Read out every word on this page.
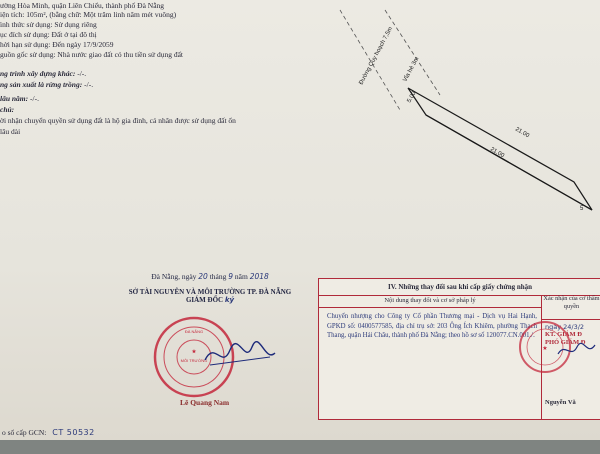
ường Hòa Minh, quận Liên Chiểu, thành phố Đà Nẵng
iện tích: 105m², (bằng chữ: Một trăm linh năm mét vuông)
ình thức sử dụng: Sử dụng riêng
ục đích sử dụng: Đất ở tại đô thị
hời hạn sử dụng: Đến ngày 17/9/2059
guồn gốc sử dụng: Nhà nước giao đất có thu tiền sử dụng đất
ng trình xây dựng khác: -/-.
ng sản xuất là rừng trồng: -/-.
lâu năm: -/-.
chú:
ời nhận chuyển quyền sử dụng đất là hộ gia đình, cá nhân được sử dụng đất ổn
lâu dài
Đường Quy hoạch 7,5m Vỉa hè 3m
5.00
21.00
21.00
5
Đà Nẵng, ngày 20 tháng 9 năm 2018
SỞ TÀI NGUYÊN VÀ MÔI TRƯỜNG TP. ĐÀ NẴNG
GIÁM ĐỐC ký
★
MÔI TRƯỜNG
ĐÀ NẴNG
Lê Quang Nam
o sổ cấp GCN: CT 50532
IV. Những thay đổi sau khi cấp giấy chứng nhận
Nội dung thay đổi và cơ sở pháp lý	Xác nhận của cơ thẩm quyền
Chuyển nhượng cho Công ty Cổ phần Thương mại - Dịch vụ Hai Hạnh, GPKD số: 0400577585, địa chỉ trụ sở: 203 Ông Ích Khiêm, phường Thạch Thang, quận Hải Châu, thành phố Đà Nẵng; theo hồ sơ số 120077.CN.001./.
ngày 24/3/2
KT. GIÁM Đ
PHÓ GIÁM Đ
Nguyễn Vă
★
